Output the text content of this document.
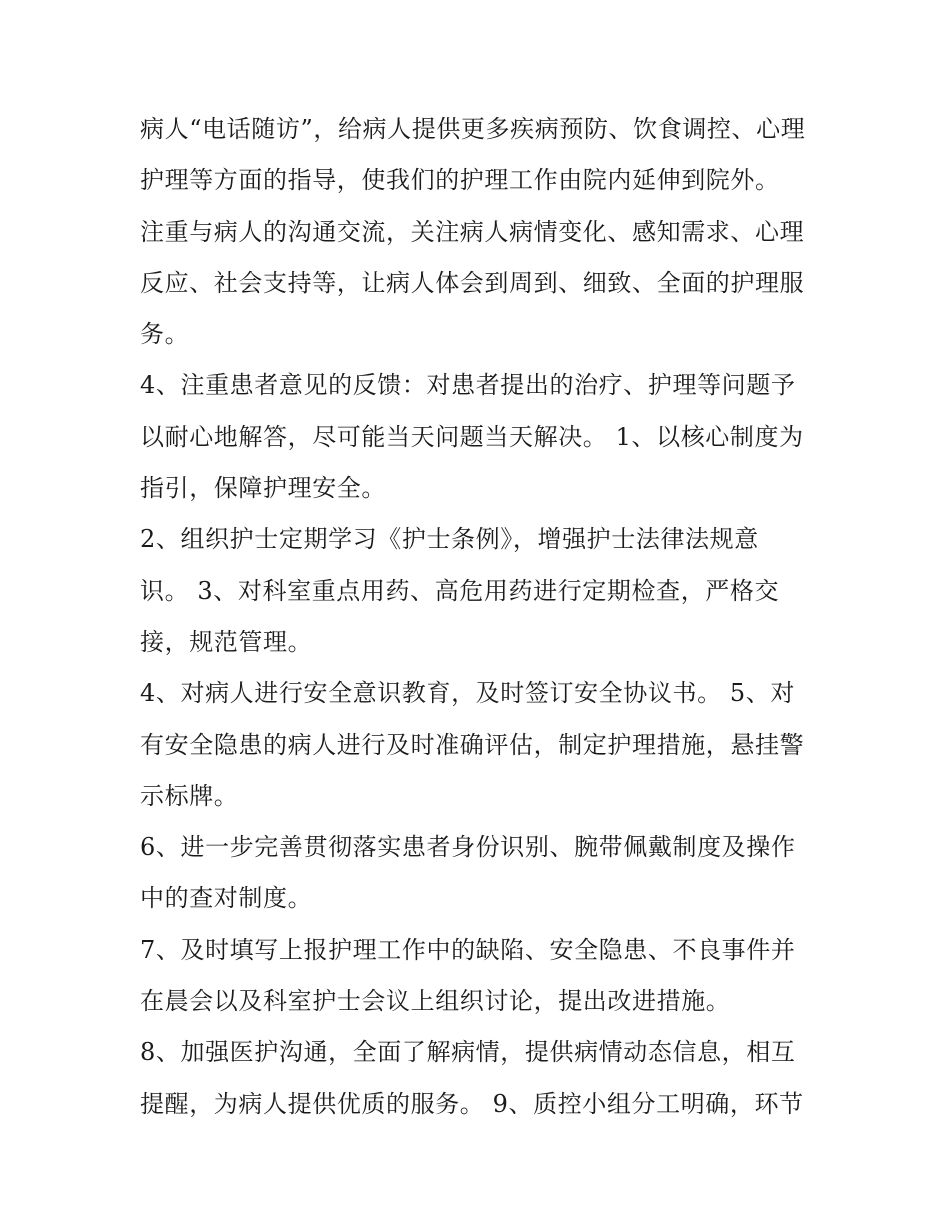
病人“电话随访”，给病人提供更多疾病预防、饮食调控、心理
护理等方面的指导，使我们的护理工作由院内延伸到院外。
注重与病人的沟通交流，关注病人病情变化、感知需求、心理
反应、社会支持等，让病人体会到周到、细致、全面的护理服
务。
4、注重患者意见的反馈：对患者提出的治疗、护理等问题予
以耐心地解答，尽可能当天问题当天解决。 1、以核心制度为
指引，保障护理安全。
2、组织护士定期学习《护士条例》，增强护士法律法规意
识。 3、对科室重点用药、高危用药进行定期检查，严格交
接，规范管理。
4、对病人进行安全意识教育，及时签订安全协议书。 5、对
有安全隐患的病人进行及时准确评估，制定护理措施，悬挂警
示标牌。
6、进一步完善贯彻落实患者身份识别、腕带佩戴制度及操作
中的查对制度。
7、及时填写上报护理工作中的缺陷、安全隐患、不良事件并
在晨会以及科室护士会议上组织讨论，提出改进措施。
8、加强医护沟通，全面了解病情，提供病情动态信息，相互
提醒，为病人提供优质的服务。 9、质控小组分工明确，环节
